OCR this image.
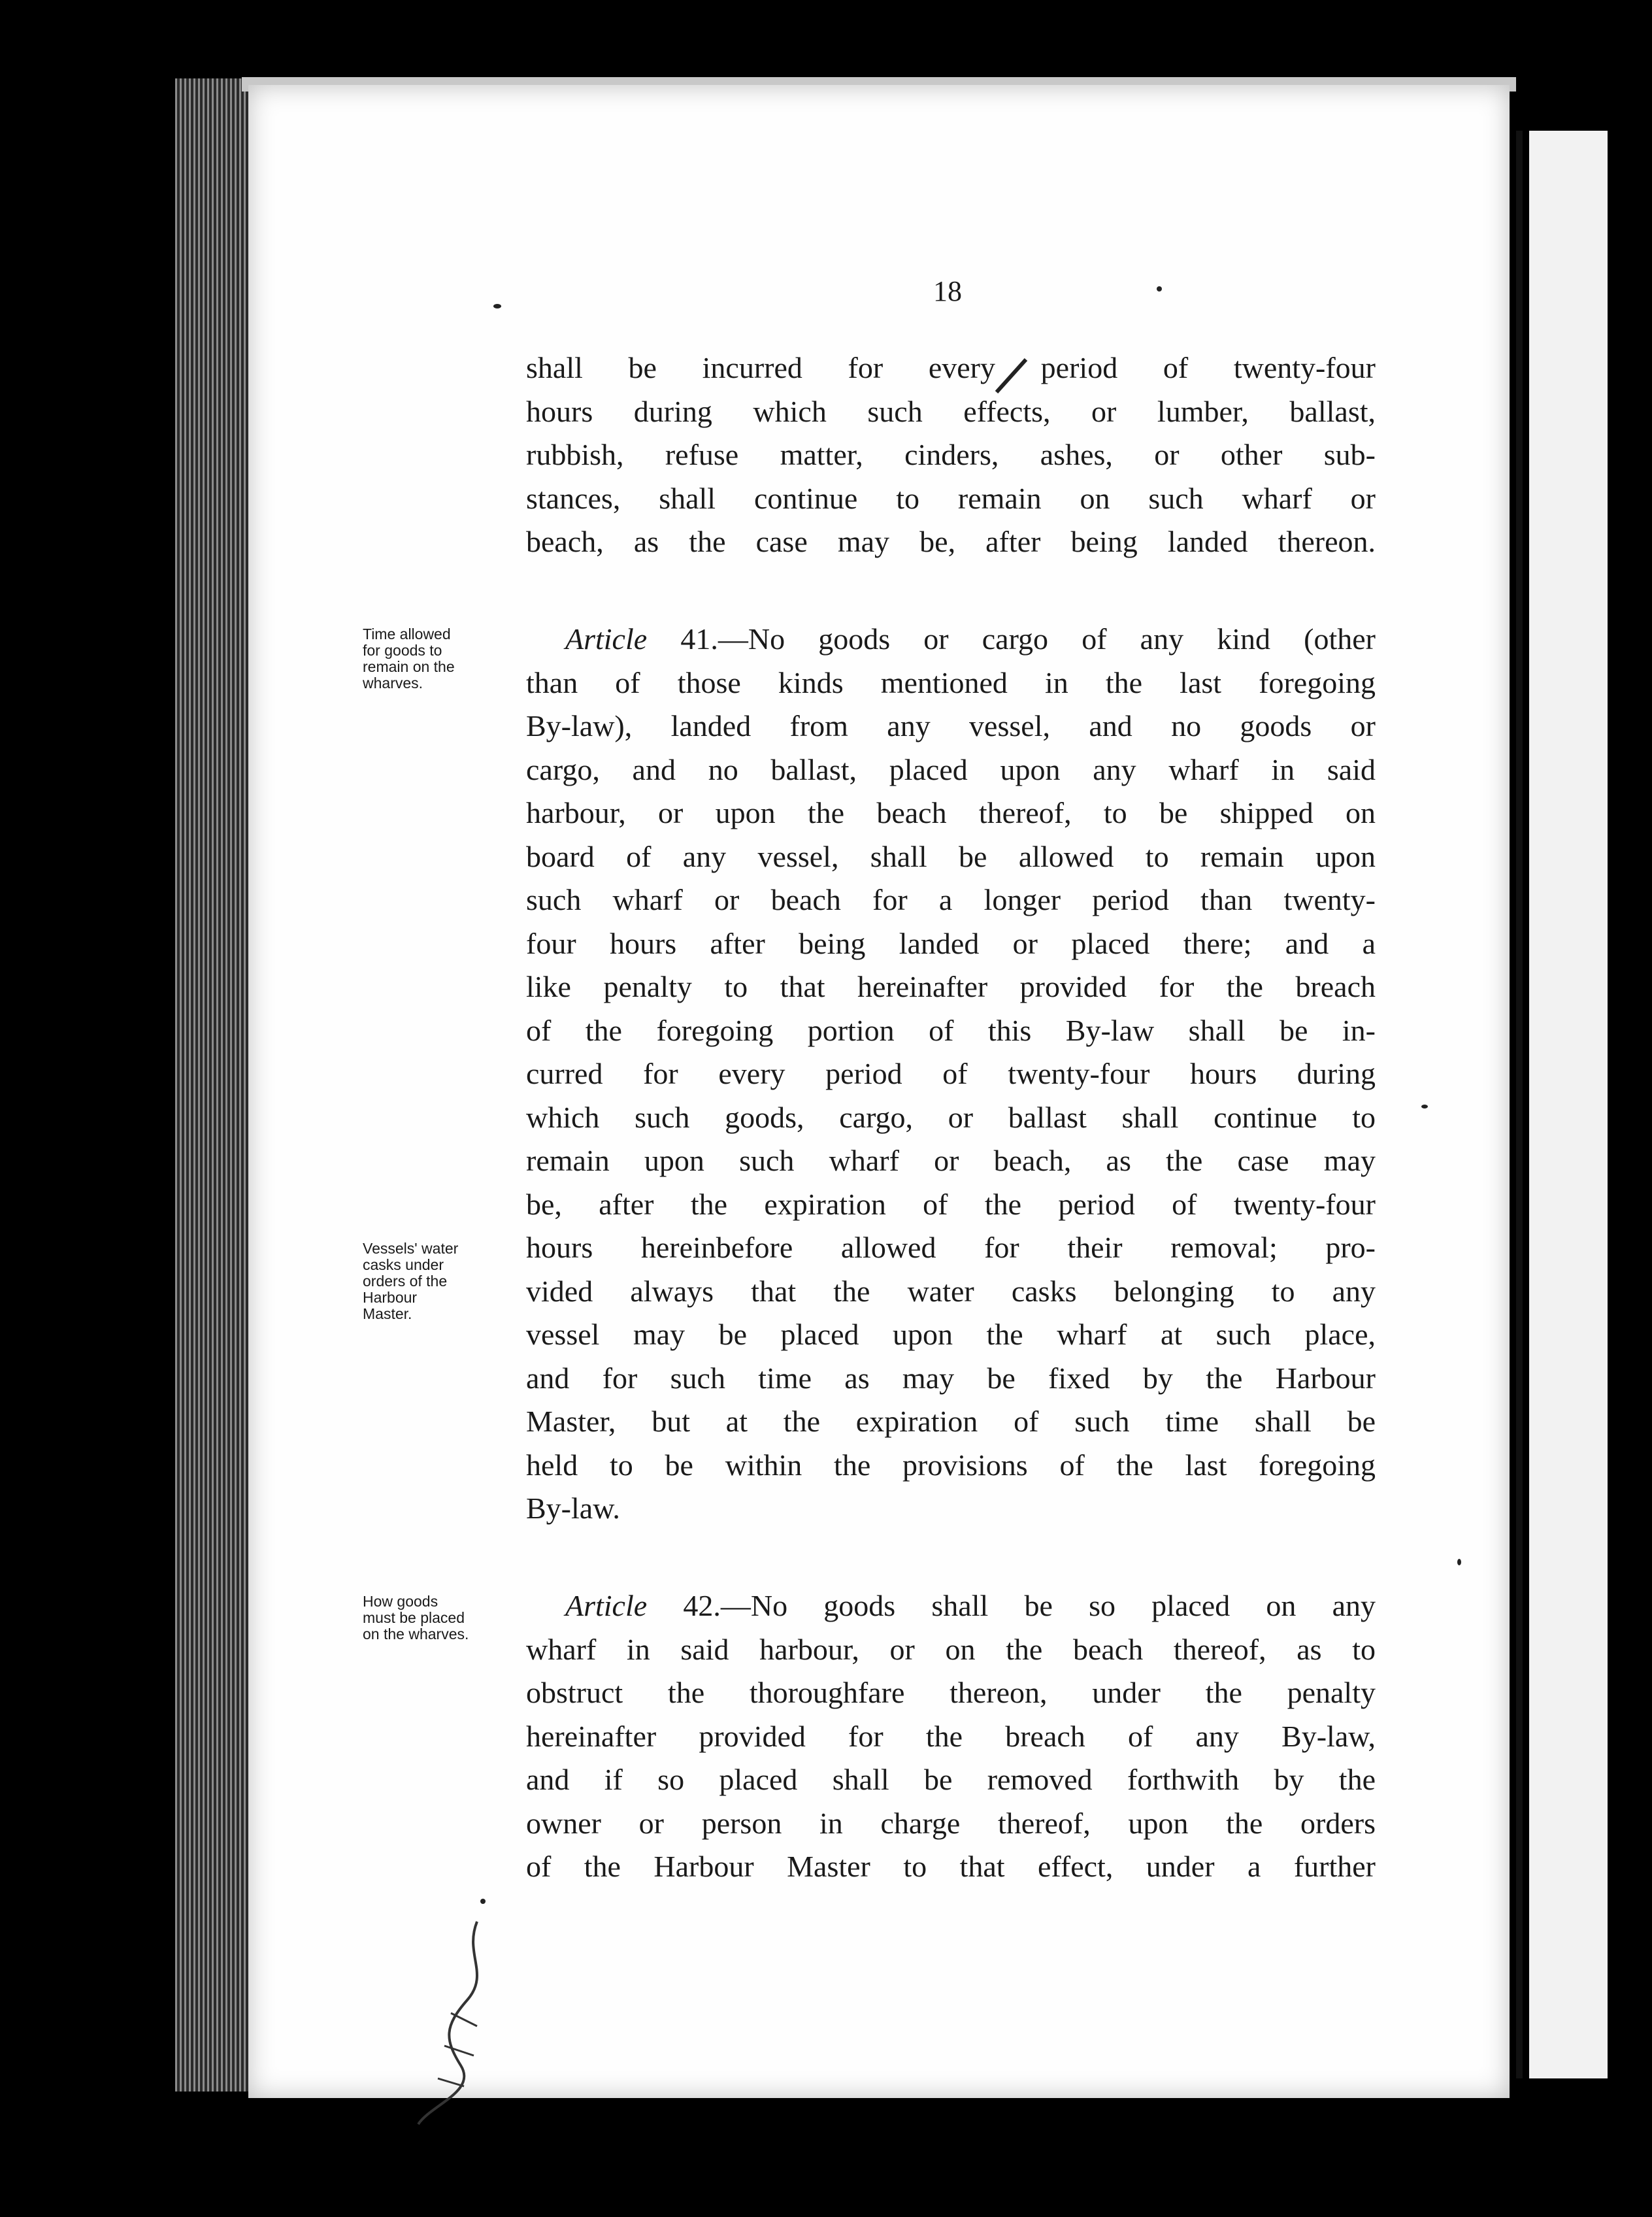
18
shall be incurred for every period of twenty-four
hours during which such effects, or lumber, ballast,
rubbish, refuse matter, cinders, ashes, or other sub-
stances, shall continue to remain on such wharf or
beach, as the case may be, after being landed thereon.
Time allowed
for goods to
remain on the
wharves.
Article 41.—No goods or cargo of any kind (other
than of those kinds mentioned in the last foregoing
By-law), landed from any vessel, and no goods or
cargo, and no ballast, placed upon any wharf in said
harbour, or upon the beach thereof, to be shipped on
board of any vessel, shall be allowed to remain upon
such wharf or beach for a longer period than twenty-
four hours after being landed or placed there; and a
like penalty to that hereinafter provided for the breach
of the foregoing portion of this By-law shall be in-
curred for every period of twenty-four hours during
which such goods, cargo, or ballast shall continue to
remain upon such wharf or beach, as the case may
be, after the expiration of the period of twenty-four
hours hereinbefore allowed for their removal; pro-
vided always that the water casks belonging to any
vessel may be placed upon the wharf at such place,
and for such time as may be fixed by the Harbour
Master, but at the expiration of such time shall be
held to be within the provisions of the last foregoing
By-law.
Vessels' water
casks under
orders of the
Harbour
Master.
How goods
must be placed
on the wharves.
Article 42.—No goods shall be so placed on any
wharf in said harbour, or on the beach thereof, as to
obstruct the thoroughfare thereon, under the penalty
hereinafter provided for the breach of any By-law,
and if so placed shall be removed forthwith by the
owner or person in charge thereof, upon the orders
of the Harbour Master to that effect, under a further
